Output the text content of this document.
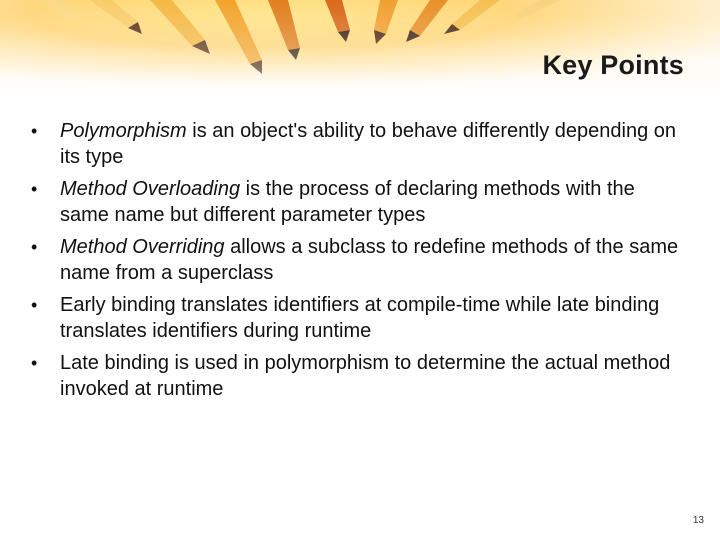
Key Points
• Polymorphism is an object's ability to behave differently depending on its type
• Method Overloading is the process of declaring methods with the same name but different parameter types
• Method Overriding allows a subclass to redefine methods of the same name from a superclass
• Early binding translates identifiers at compile-time while late binding translates identifiers during runtime
• Late binding is used in polymorphism to determine the actual method invoked at runtime
13
